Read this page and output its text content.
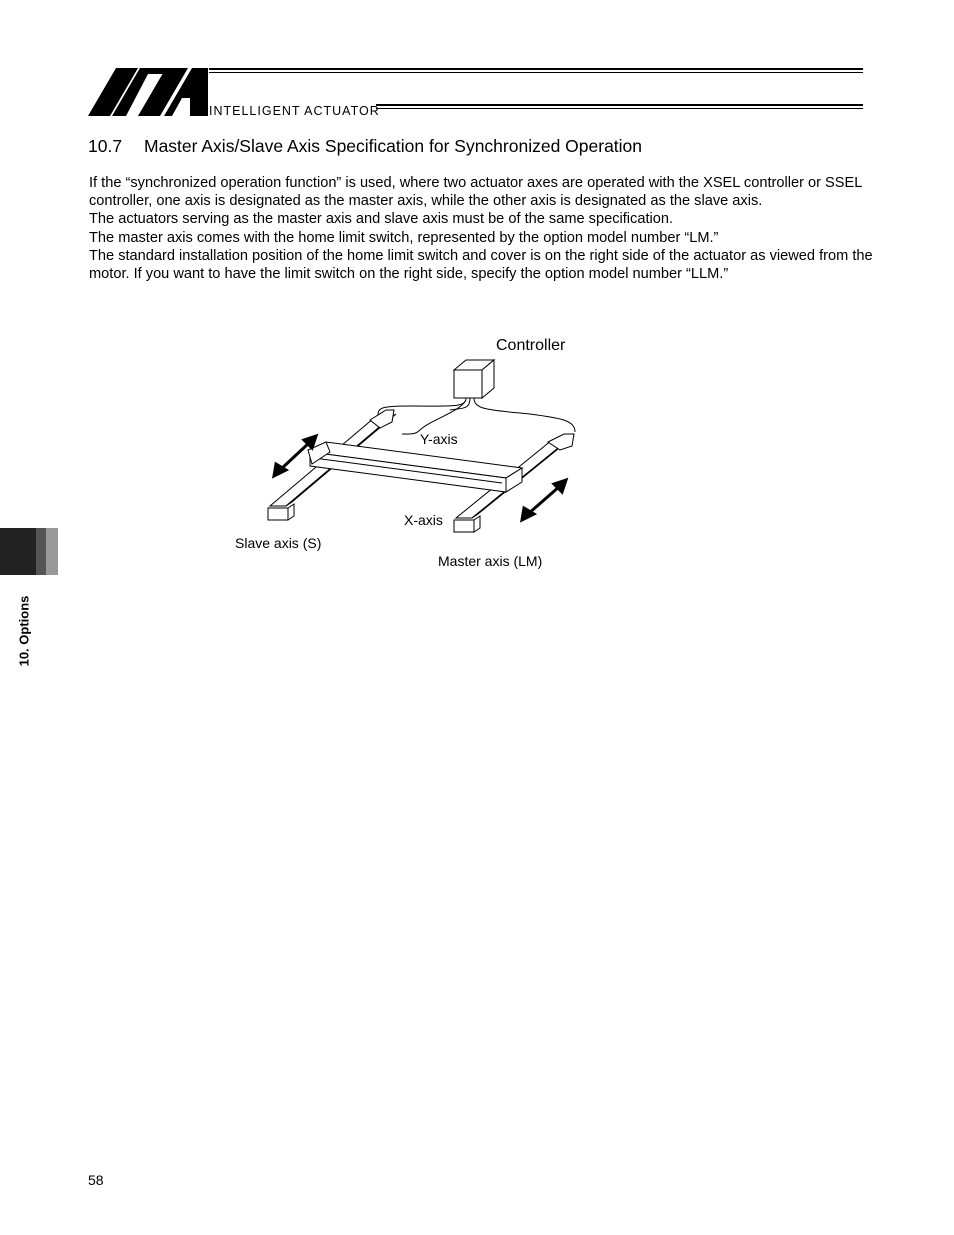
INTELLIGENT ACTUATOR
10.7 Master Axis/Slave Axis Specification for Synchronized Operation

If the “synchronized operation function” is used, where two actuator axes are operated with the XSEL controller or SSEL controller, one axis is designated as the master axis, while the other axis is designated as the slave axis.

The actuators serving as the master axis and slave axis must be of the same specification.

The master axis comes with the home limit switch, represented by the option model number “LM.”

The standard installation position of the home limit switch and cover is on the right side of the actuator as viewed from the motor. If you want to have the limit switch on the right side, specify the option model number “LLM.”

Controller
Y-axis
X-axis
Slave axis (S)
Master axis (LM)
10. Options
58
